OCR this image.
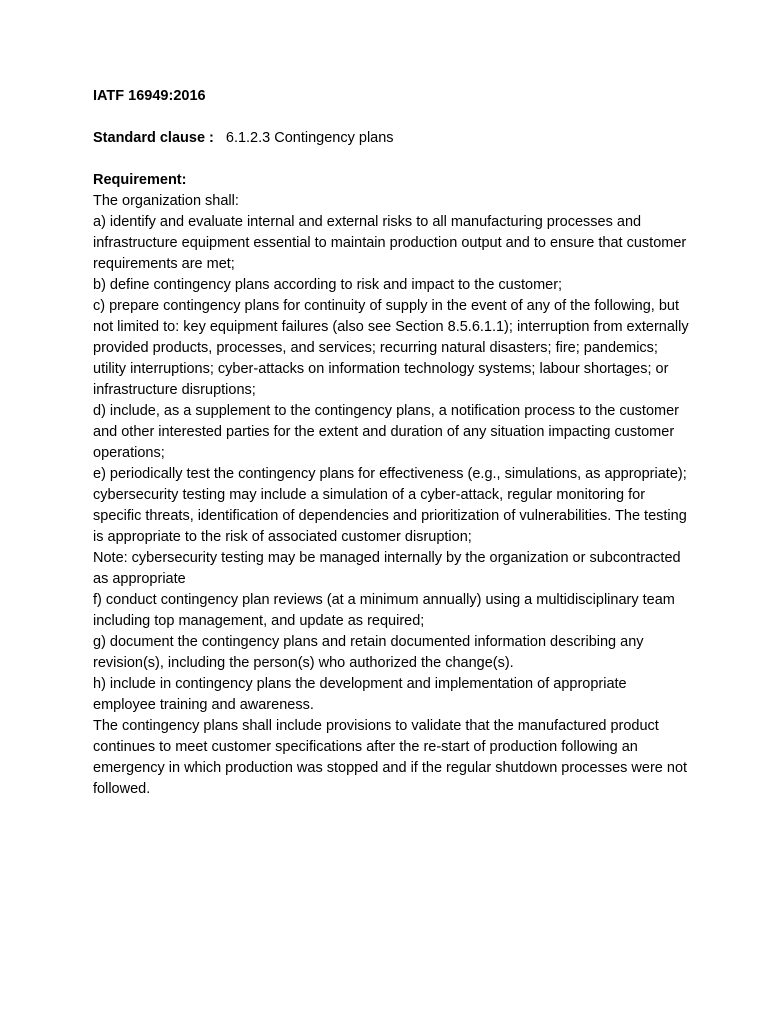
IATF 16949:2016
Standard clause : 6.1.2.3 Contingency plans
Requirement:

The organization shall:

a) identify and evaluate internal and external risks to all manufacturing processes and infrastructure equipment essential to maintain production output and to ensure that customer requirements are met;

b) define contingency plans according to risk and impact to the customer;

c) prepare contingency plans for continuity of supply in the event of any of the following, but not limited to: key equipment failures (also see Section 8.5.6.1.1); interruption from externally provided products, processes, and services; recurring natural disasters; fire; pandemics; utility interruptions; cyber-attacks on information technology systems; labour shortages; or infrastructure disruptions;

d) include, as a supplement to the contingency plans, a notification process to the customer and other interested parties for the extent and duration of any situation impacting customer operations;

e) periodically test the contingency plans for effectiveness (e.g., simulations, as appropriate); cybersecurity testing may include a simulation of a cyber-attack, regular monitoring for specific threats, identification of dependencies and prioritization of vulnerabilities. The testing is appropriate to the risk of associated customer disruption;

Note: cybersecurity testing may be managed internally by the organization or subcontracted as appropriate

f) conduct contingency plan reviews (at a minimum annually) using a multidisciplinary team including top management, and update as required;

g) document the contingency plans and retain documented information describing any revision(s), including the person(s) who authorized the change(s).

h) include in contingency plans the development and implementation of appropriate employee training and awareness.

The contingency plans shall include provisions to validate that the manufactured product continues to meet customer specifications after the re-start of production following an emergency in which production was stopped and if the regular shutdown processes were not followed.
